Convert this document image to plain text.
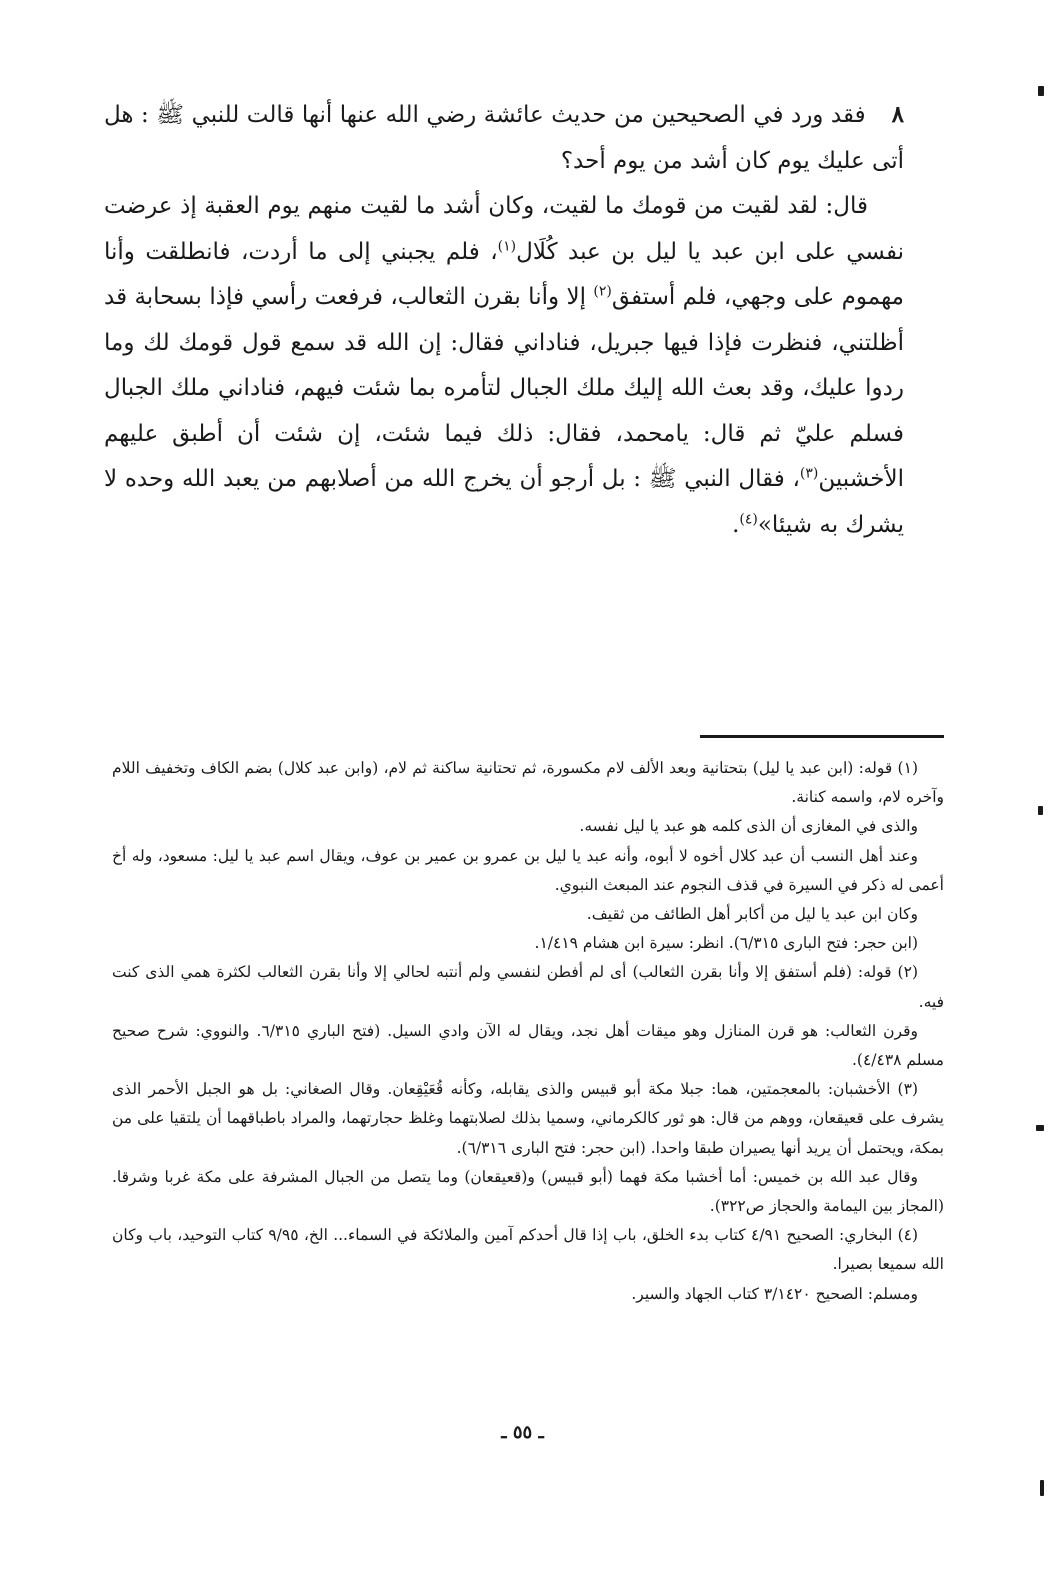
٨فقد ورد في الصحيحين من حديث عائشة رضي الله عنها أنها قالت للنبي ﷺ : هل أتى عليك يوم كان أشد من يوم أحد؟

قال: لقد لقيت من قومك ما لقيت، وكان أشد ما لقيت منهم يوم العقبة إذ عرضت نفسي على ابن عبد يا ليل بن عبد كُلَال$^{(١)}$، فلم يجبني إلى ما أردت، فانطلقت وأنا مهموم على وجهي، فلم أستفق$^{(٢)}$ إلا وأنا بقرن الثعالب، فرفعت رأسي فإذا بسحابة قد أظلتني، فنظرت فإذا فيها جبريل، فناداني فقال: إن الله قد سمع قول قومك لك وما ردوا عليك، وقد بعث الله إليك ملك الجبال لتأمره بما شئت فيهم، فناداني ملك الجبال فسلم عليّ ثم قال: يامحمد، فقال: ذلك فيما شئت، إن شئت أن أطبق عليهم الأخشبين$^{(٣)}$، فقال النبي ﷺ : بل أرجو أن يخرج الله من أصلابهم من يعبد الله وحده لا يشرك به شيئا»$^{(٤)}$.

(١) قوله: (ابن عبد يا ليل) بتحتانية وبعد الألف لام مكسورة، ثم تحتانية ساكنة ثم لام، (وابن عبد كلال) بضم الكاف وتخفيف اللام وآخره لام، واسمه كنانة.

والذى في المغازى أن الذى كلمه هو عبد يا ليل نفسه.

وعند أهل النسب أن عبد كلال أخوه لا أبوه، وأنه عبد يا ليل بن عمرو بن عمير بن عوف، ويقال اسم عبد يا ليل: مسعود، وله أخ أعمى له ذكر في السيرة في قذف النجوم عند المبعث النبوي.

وكان ابن عبد يا ليل من أكابر أهل الطائف من ثقيف.

(ابن حجر: فتح البارى ٦/٣١٥). انظر: سيرة ابن هشام ١/٤١٩.

(٢) قوله: (فلم أستفق إلا وأنا بقرن الثعالب) أى لم أفطن لنفسي ولم أنتبه لحالي إلا وأنا بقرن الثعالب لكثرة همي الذى كنت فيه.

وقرن الثعالب: هو قرن المنازل وهو ميقات أهل نجد، ويقال له الآن وادي السيل. (فتح الباري ٦/٣١٥. والنووي: شرح صحيح مسلم ٤/٤٣٨).

(٣) الأخشبان: بالمعجمتين، هما: جبلا مكة أبو قبيس والذى يقابله، وكأنه قُعَيْقِعان. وقال الصغاني: بل هو الجبل الأحمر الذى يشرف على قعيقعان، ووهم من قال: هو ثور كالكرماني، وسميا بذلك لصلابتهما وغلظ حجارتهما، والمراد باطباقهما أن يلتقيا على من بمكة، ويحتمل أن يريد أنها يصيران طبقا واحدا. (ابن حجر: فتح البارى ٦/٣١٦).

وقال عبد الله بن خميس: أما أخشبا مكة فهما (أبو قبيس) و(قعيقعان) وما يتصل من الجبال المشرفة على مكة غربا وشرقا. (المجاز بين اليمامة والحجاز ص٣٢٢).

(٤) البخاري: الصحيح ٤/٩١ كتاب بدء الخلق، باب إذا قال أحدكم آمين والملائكة في السماء... الخ، ٩/٩٥ كتاب التوحيد، باب وكان الله سميعا بصيرا.

ومسلم: الصحيح ٣/١٤٢٠ كتاب الجهاد والسير.

ـ ٥٥ ـ
